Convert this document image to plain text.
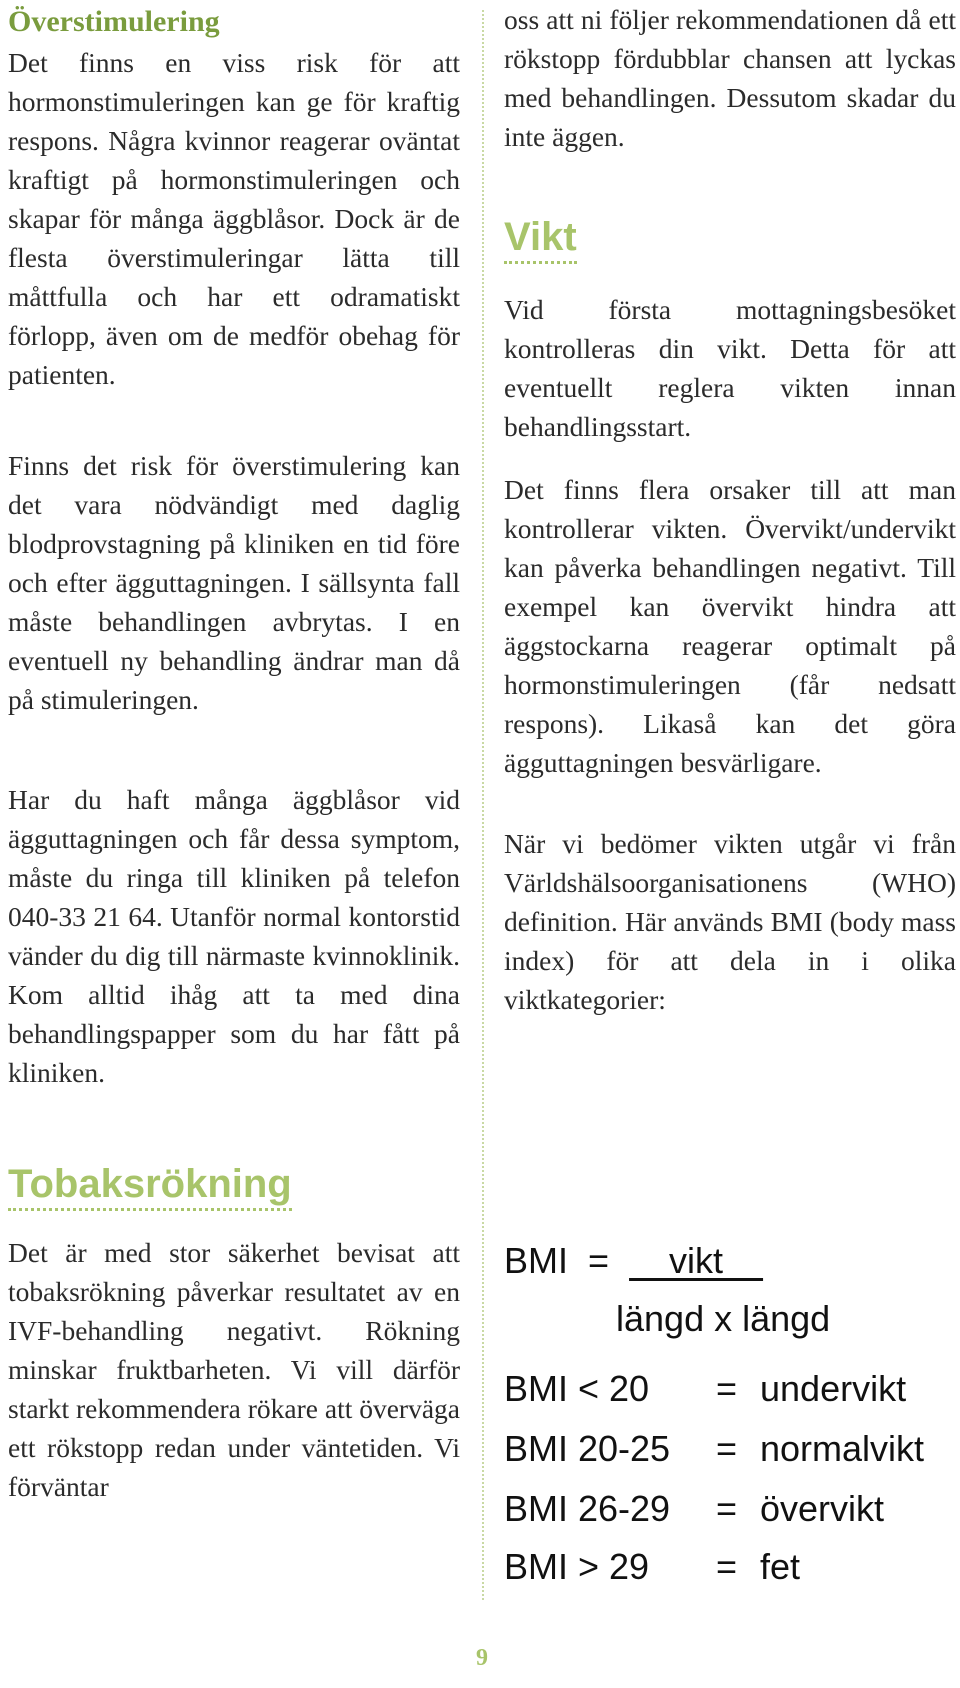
Överstimulering

Det finns en viss risk för att hormonstimuleringen kan ge för kraftig respons. Några kvinnor reagerar oväntat kraftigt på hormonstimuleringen och skapar för många äggblåsor. Dock är de flesta överstimuleringar lätta till måttfulla och har ett odramatiskt förlopp, även om de medför obehag för patienten.

Finns det risk för överstimulering kan det vara nödvändigt med daglig blodprovstagning på kliniken en tid före och efter ägguttagningen. I sällsynta fall måste behandlingen avbrytas. I en eventuell ny behandling ändrar man då på stimuleringen.

Har du haft många äggblåsor vid ägguttagningen och får dessa symptom, måste du ringa till kliniken på telefon 040-33 21 64. Utanför normal kontorstid vänder du dig till närmaste kvinnoklinik. Kom alltid ihåg att ta med dina behandlingspapper som du har fått på kliniken.

Tobaksrökning

Det är med stor säkerhet bevisat att tobaksrökning påverkar resultatet av en IVF-behandling negativt. Rökning minskar fruktbarheten. Vi vill därför starkt rekommendera rökare att överväga ett rökstopp redan under väntetiden. Vi förväntar

oss att ni följer rekommendationen då ett rökstopp fördubblar chansen att lyckas med behandlingen. Dessutom skadar du inte äggen.

Vikt

Vid första mottagningsbesöket kontrolleras din vikt. Detta för att eventuellt reglera vikten innan behandlingsstart.

Det finns flera orsaker till att man kontrollerar vikten. Övervikt/undervikt kan påverka behandlingen negativt. Till exempel kan övervikt hindra att äggstockarna reagerar optimalt på hormonstimuleringen (får nedsatt respons). Likaså kan det göra ägguttagningen besvärligare.

När vi bedömer vikten utgår vi från Världshälsoorganisationens (WHO) definition. Här används BMI (body mass index) för att dela in i olika viktkategorier:

BMI  =      vikt
längd x längd
BMI < 20 = undervikt
BMI 20-25 = normalvikt
BMI 26-29 = övervikt
BMI > 29 = fet
9
